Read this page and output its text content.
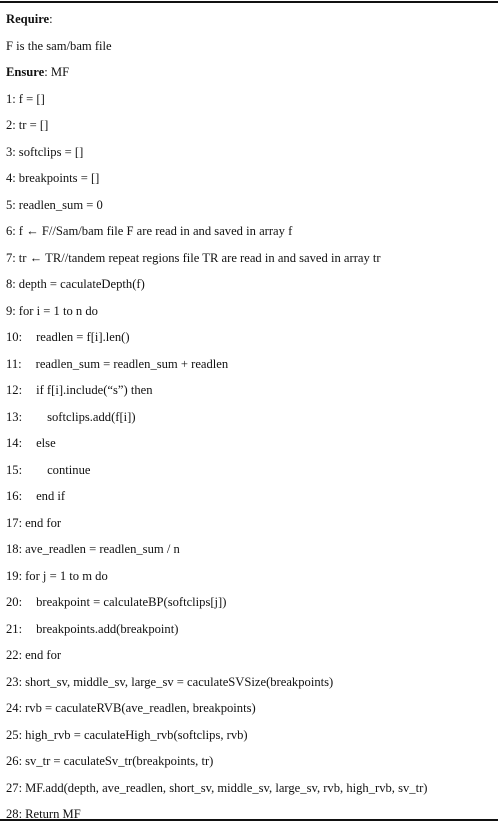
Require:
F is the sam/bam file
Ensure: MF
1: f = []
2: tr = []
3: softclips = []
4: breakpoints = []
5: readlen_sum = 0
6: f ← F//Sam/bam file F are read in and saved in array f
7: tr ← TR//tandem repeat regions file TR are read in and saved in array tr
8: depth = caculateDepth(f)
9: for i = 1 to n do
10: readlen = f[i].len()
11: readlen_sum = readlen_sum + readlen
12: if f[i].include(“s”) then
13: softclips.add(f[i])
14: else
15: continue
16: end if
17: end for
18: ave_readlen = readlen_sum / n
19: for j = 1 to m do
20: breakpoint = calculateBP(softclips[j])
21: breakpoints.add(breakpoint)
22: end for
23: short_sv, middle_sv, large_sv = caculateSVSize(breakpoints)
24: rvb = caculateRVB(ave_readlen, breakpoints)
25: high_rvb = caculateHigh_rvb(softclips, rvb)
26: sv_tr = caculateSv_tr(breakpoints, tr)
27: MF.add(depth, ave_readlen, short_sv, middle_sv, large_sv, rvb, high_rvb, sv_tr)
28: Return MF
